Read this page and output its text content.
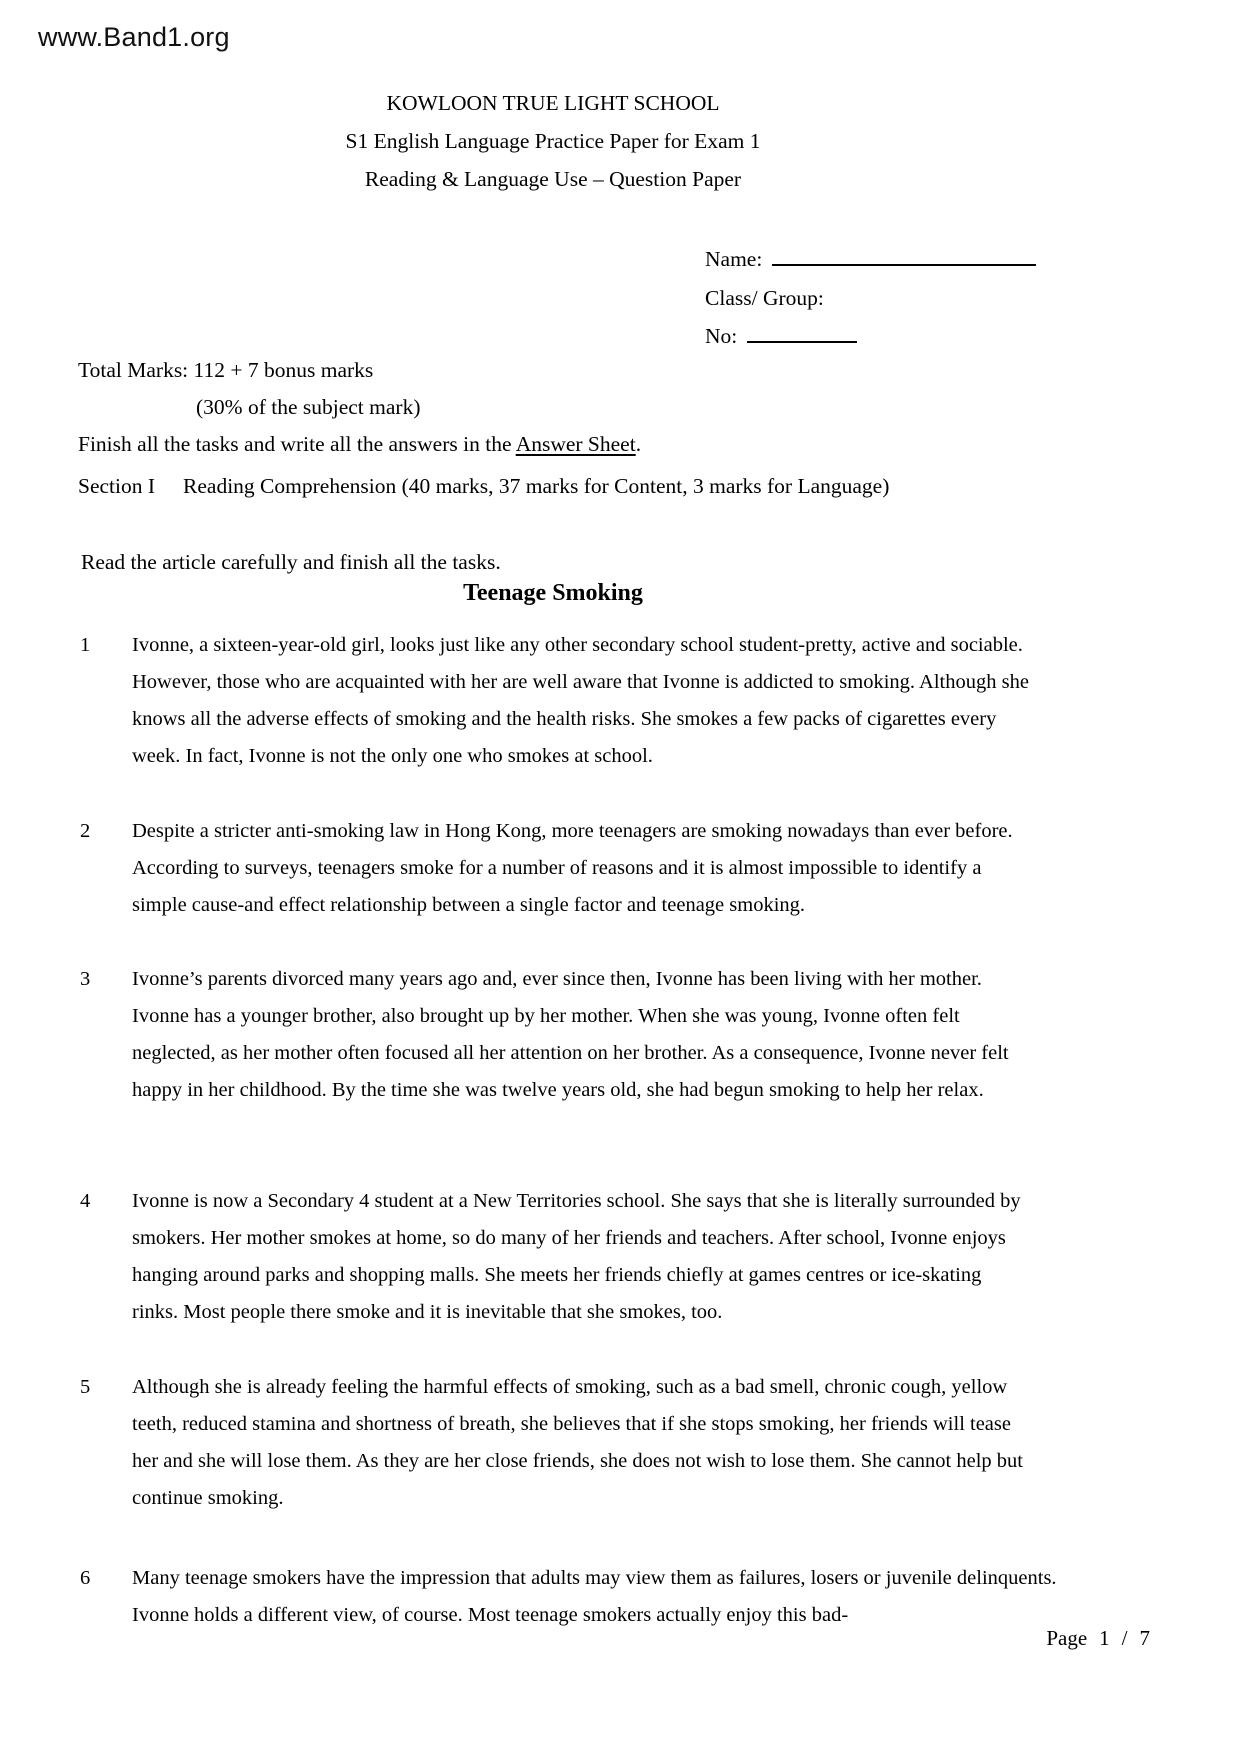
www.Band1.org
KOWLOON TRUE LIGHT SCHOOL
S1 English Language Practice Paper for Exam 1
Reading & Language Use – Question Paper
Name:
Class/ Group:
No:
Total Marks: 112 + 7 bonus marks
(30% of the subject mark)
Finish all the tasks and write all the answers in the Answer Sheet.
Section I Reading Comprehension (40 marks, 37 marks for Content, 3 marks for Language)
Read the article carefully and finish all the tasks.
Teenage Smoking
1	Ivonne, a sixteen-year-old girl, looks just like any other secondary school student-pretty, active and sociable. However, those who are acquainted with her are well aware that Ivonne is addicted to smoking. Although she knows all the adverse effects of smoking and the health risks. She smokes a few packs of cigarettes every week. In fact, Ivonne is not the only one who smokes at school.
2	Despite a stricter anti-smoking law in Hong Kong, more teenagers are smoking nowadays than ever before. According to surveys, teenagers smoke for a number of reasons and it is almost impossible to identify a simple cause-and effect relationship between a single factor and teenage smoking.
3	Ivonne’s parents divorced many years ago and, ever since then, Ivonne has been living with her mother. Ivonne has a younger brother, also brought up by her mother. When she was young, Ivonne often felt neglected, as her mother often focused all her attention on her brother. As a consequence, Ivonne never felt happy in her childhood. By the time she was twelve years old, she had begun smoking to help her relax.
4	Ivonne is now a Secondary 4 student at a New Territories school. She says that she is literally surrounded by smokers. Her mother smokes at home, so do many of her friends and teachers. After school, Ivonne enjoys hanging around parks and shopping malls. She meets her friends chiefly at games centres or ice-skating rinks. Most people there smoke and it is inevitable that she smokes, too.
5	Although she is already feeling the harmful effects of smoking, such as a bad smell, chronic cough, yellow teeth, reduced stamina and shortness of breath, she believes that if she stops smoking, her friends will tease her and she will lose them. As they are her close friends, she does not wish to lose them. She cannot help but continue smoking.
6	Many teenage smokers have the impression that adults may view them as failures, losers or juvenile delinquents. Ivonne holds a different view, of course. Most teenage smokers actually enjoy this bad-
Page 1 / 7
